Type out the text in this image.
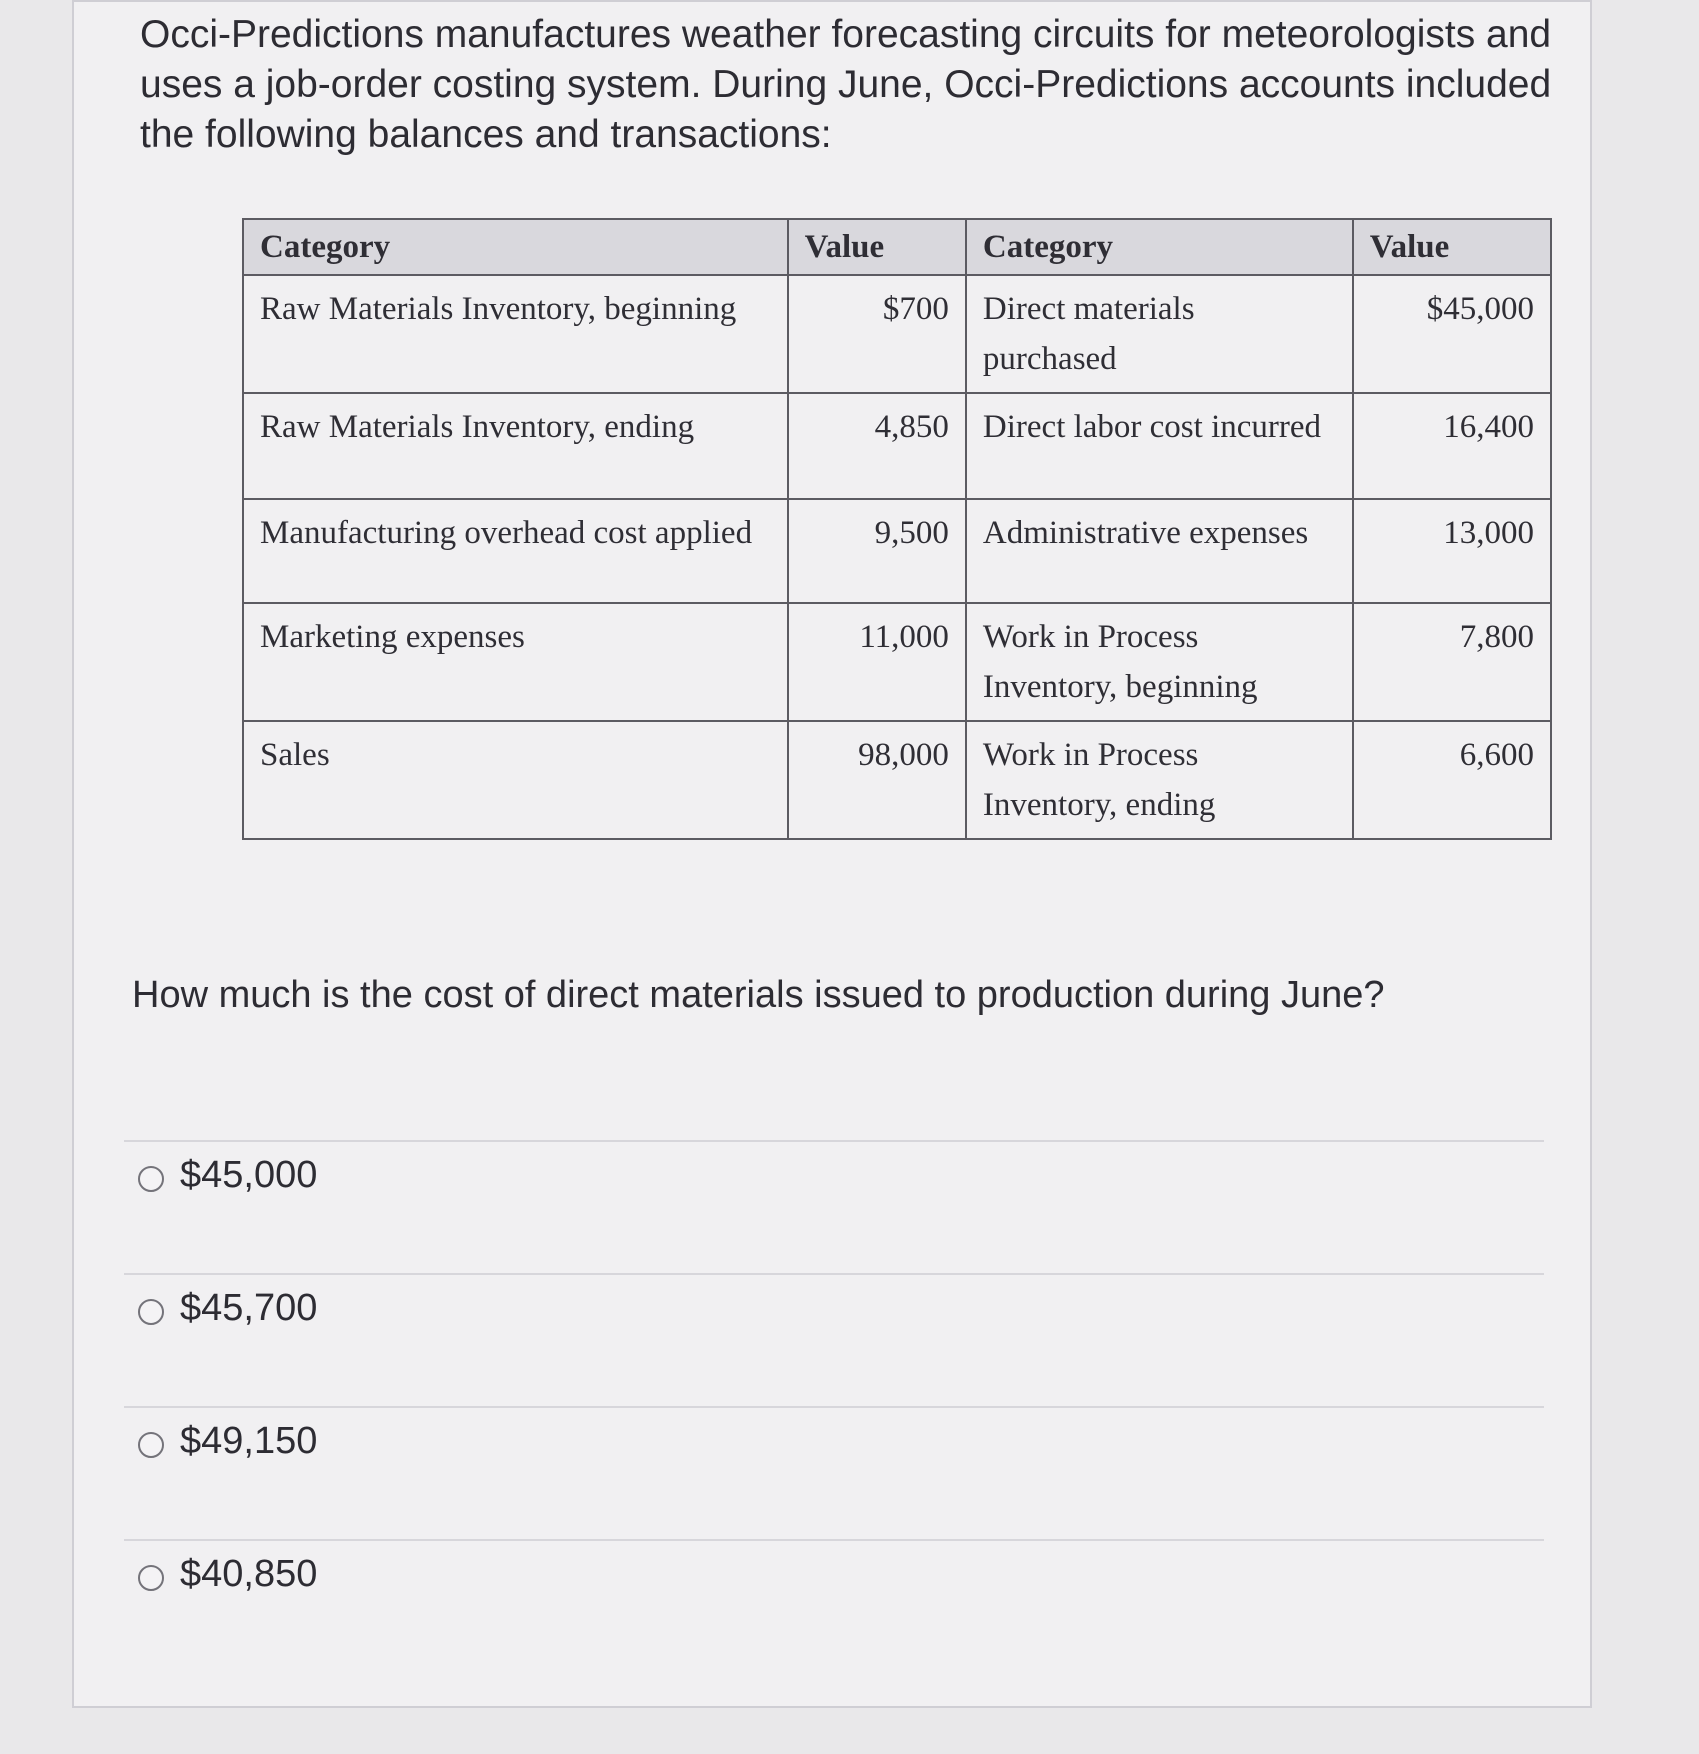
Occi-Predictions manufactures weather forecasting circuits for meteorologists and uses a job-order costing system. During June, Occi-Predictions accounts included the following balances and transactions:

Category	Value	Category	Value
Raw Materials Inventory, beginning	$700	Direct materials purchased	$45,000
Raw Materials Inventory, ending	4,850	Direct labor cost incurred	16,400
Manufacturing overhead cost applied	9,500	Administrative expenses	13,000
Marketing expenses	11,000	Work in Process Inventory, beginning	7,800
Sales	98,000	Work in Process Inventory, ending	6,600
How much is the cost of direct materials issued to production during June?
$45,000
$45,700
$49,150
$40,850
